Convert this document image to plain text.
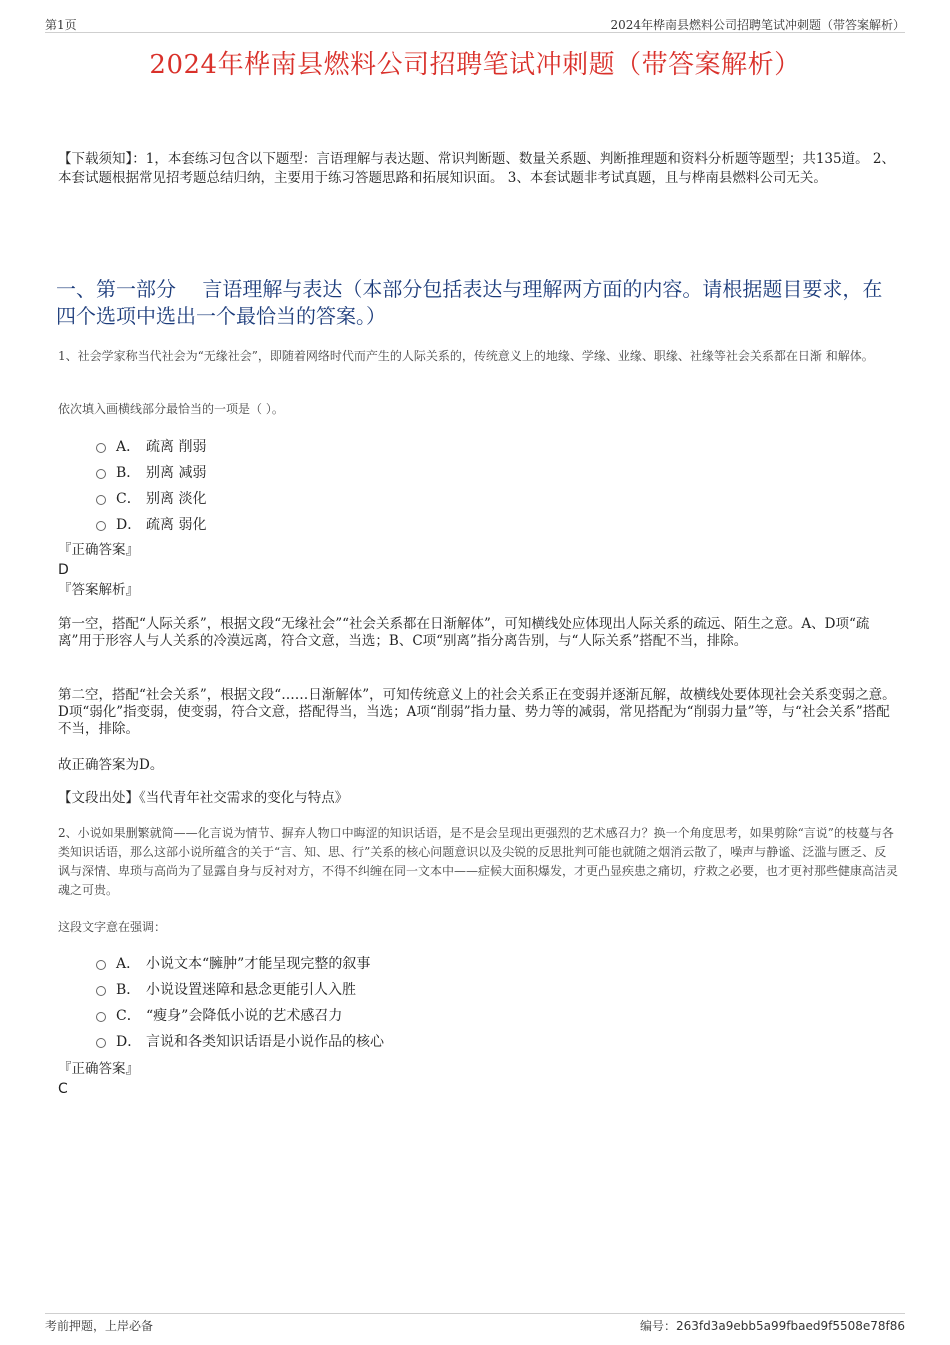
第1页	2024年桦南县燃料公司招聘笔试冲刺题（带答案解析）
2024年桦南县燃料公司招聘笔试冲刺题（带答案解析）
【下载须知】：1，本套练习包含以下题型：言语理解与表达题、常识判断题、数量关系题、判断推理题和资料分析题等题型；共135道。 2、本套试题根据常见招考题总结归纳，主要用于练习答题思路和拓展知识面。 3、本套试题非考试真题，且与桦南县燃料公司无关。
一、第一部分　 言语理解与表达（本部分包括表达与理解两方面的内容。请根据题目要求，在四个选项中选出一个最恰当的答案。）
1、社会学家称当代社会为“无缘社会”，即随着网络时代而产生的人际关系的，传统意义上的地缘、学缘、业缘、职缘、社缘等社会关系都在日渐 和解体。
依次填入画横线部分最恰当的一项是（ ）。
A． 疏离 削弱
B． 别离 减弱
C． 别离 淡化
D． 疏离 弱化
『正确答案』
D
『答案解析』
第一空，搭配“人际关系”，根据文段“无缘社会”“社会关系都在日渐解体”，可知横线处应体现出人际关系的疏远、陌生之意。A、D项“疏离”用于形容人与人关系的冷漠远离，符合文意，当选；B、C项“别离”指分离告别，与“人际关系”搭配不当，排除。
第二空，搭配“社会关系”，根据文段“……日渐解体”，可知传统意义上的社会关系正在变弱并逐渐瓦解，故横线处要体现社会关系变弱之意。D项“弱化”指变弱，使变弱，符合文意，搭配得当，当选；A项“削弱”指力量、势力等的减弱，常见搭配为“削弱力量”等，与“社会关系”搭配不当，排除。
故正确答案为D。
【文段出处】《当代青年社交需求的变化与特点》
2、小说如果删繁就简——化言说为情节、摒弃人物口中晦涩的知识话语，是不是会呈现出更强烈的艺术感召力？换一个角度思考，如果剪除“言说”的枝蔓与各类知识话语，那么这部小说所蕴含的关于“言、知、思、行”关系的核心问题意识以及尖锐的反思批判可能也就随之烟消云散了，噪声与静谧、泛滥与匮乏、反讽与深情、卑琐与高尚为了显露自身与反衬对方，不得不纠缠在同一文本中——症候大面积爆发，才更凸显疾患之痛切，疗救之必要，也才更衬那些健康高洁灵魂之可贵。
这段文字意在强调：
A． 小说文本“臃肿”才能呈现完整的叙事
B． 小说设置迷障和悬念更能引人入胜
C． “瘦身”会降低小说的艺术感召力
D． 言说和各类知识话语是小说作品的核心
『正确答案』
C
考前押题，上岸必备	编号：263fd3a9ebb5a99fbaed9f5508e78f86
